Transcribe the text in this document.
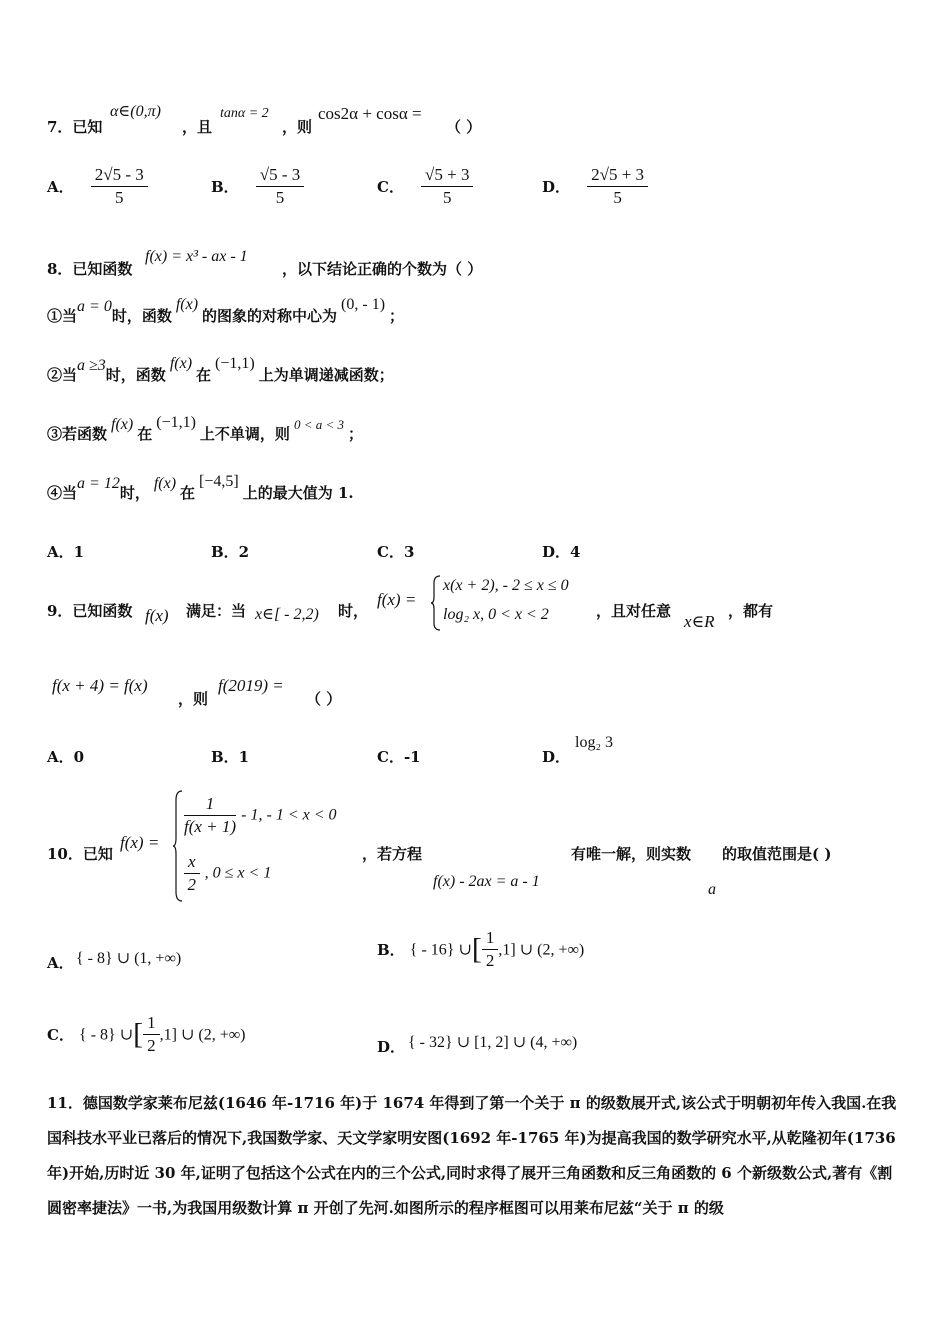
7．已知
α∈(0,π)
，且
tanα = 2
，则
cos2α + cosα =
（ ）
A． $\frac{2√5 - 3}{5}$	B． $\frac{√5 - 3}{5}$	C． $\frac{√5 + 3}{5}$	D． $\frac{2√5 + 3}{5}$
8．已知函数
f(x) = x³ - ax - 1
，以下结论正确的个数为（ ）
①当a = 0时，函数f(x)的图象的对称中心为(0, - 1)；
②当a ≥3时，函数f(x)在(−1,1)上为单调递减函数；
③若函数f(x)在(−1,1)上不单调，则$^{0 < a < 3}$；
④当a = 12时，f(x)在[−4,5]上的最大值为 1.
A．1	B．2	C．3	D．4
9．已知函数 f(x) 满足：当 x∈[ - 2,2) 时，
f(x) =
x(x + 2), - 2 ≤ x ≤ 0
log₂ x, 0 < x < 2	，且对任意
x∈R
，都有
f(x + 4) = f(x)
，则
f(2019) =
（ ）
A．0	B．1	C．-1	D．
log₂ 3
10．已知
f(x) =
$\frac{1}{f(x + 1)} - 1$, - 1 < x < 0
$\frac{x}{2}$ , 0 ≤ x < 1
，若方程	有唯一解，则实数 的取值范围是( )
f(x) - 2ax = a - 1	a
A． { - 8} ∪ (1, +∞)	B． { - 16} ∪[ $\frac{1}{2} ,1$] ∪ (2, +∞)
C． { - 8} ∪[ $\frac{1}{2} ,1$] ∪ (2, +∞)
D． { - 32} ∪ [1, 2] ∪ (4, +∞)
11．德国数学家莱布尼兹(1646 年-1716 年)于 1674 年得到了第一个关于 π 的级数展开式,该公式于明朝初年传入我国.在我国科技水平业已落后的情况下,我国数学家、天文学家明安图(1692 年-1765 年)为提高我国的数学研究水平,从乾隆初年(1736 年)开始,历时近 30 年,证明了包括这个公式在内的三个公式,同时求得了展开三角函数和反三角函数的 6 个新级数公式,著有《割圆密率捷法》一书,为我国用级数计算 π 开创了先河.如图所示的程序框图可以用莱布尼兹“关于 π 的级
